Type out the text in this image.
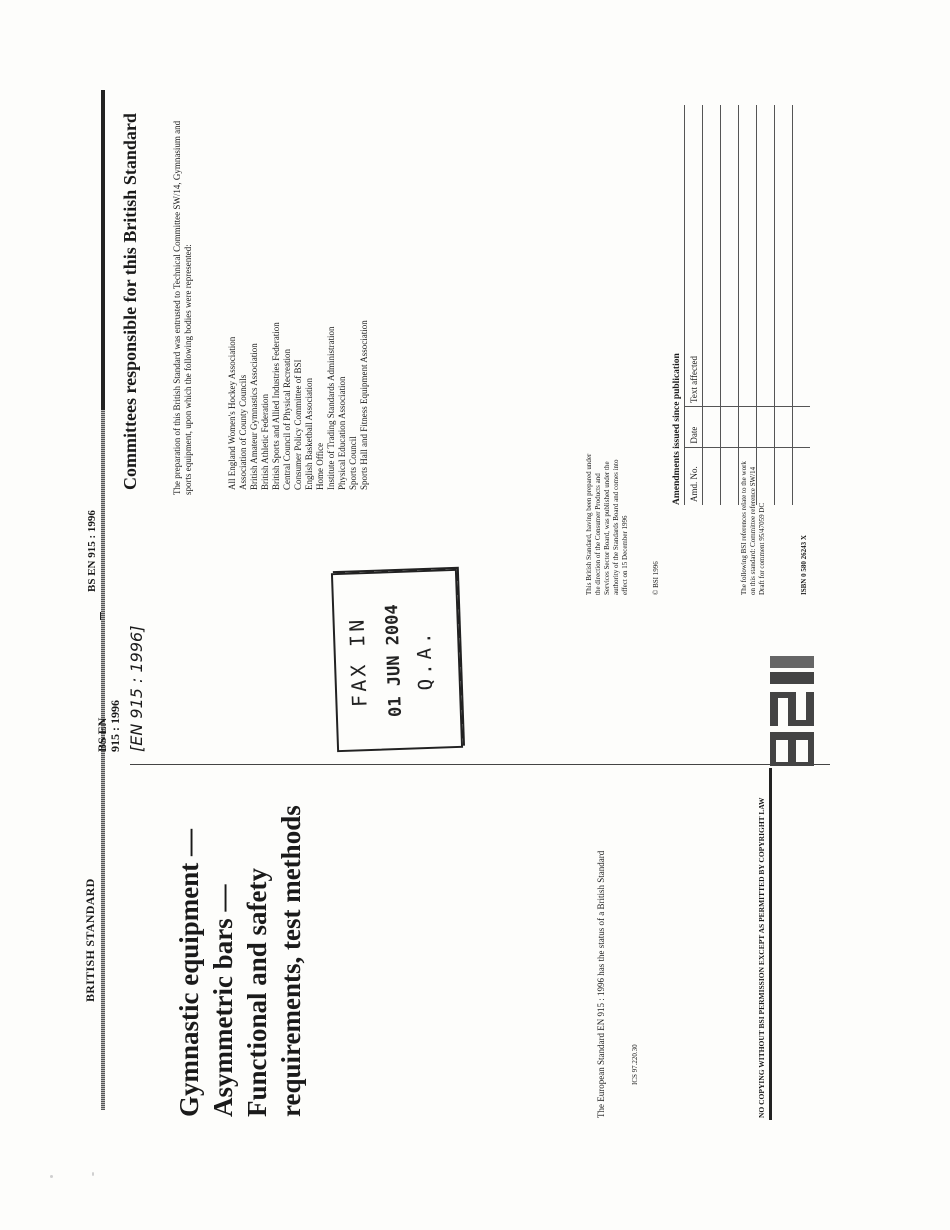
BRITISH STANDARD	Gymnastic equipment — Asymmetric bars — Functional and safety requirements, test methods	The European Standard EN 915 : 1996 has the status of a British Standard	ICS 97.220.30	NO COPYING WITHOUT BSI PERMISSION EXCEPT AS PERMITTED BY COPYRIGHT LAW
BS EN 915 : 1996 [EN 915 : 1996]	FAX IN 01 JUN 2004 Q.A.
BS EN 915 : 1996
Committees responsible for this British Standard	The preparation of this British Standard was entrusted to Technical Committee SW/14, Gymnasium and sports equipment, upon which the following bodies were represented:	All England Women's Hockey Association Association of County Councils British Amateur Gymnastics Association British Athletic Federation British Sports and Allied Industries Federation Central Council of Physical Recreation Consumer Policy Committee of BSI English Basketball Association Home Office Institute of Trading Standards Administration Physical Education Association Sports Council Sports Hall and Fitness Equipment Association
This British Standard, having been prepared under the direction of the Consumer Products and Services Sector Board, was published under the authority of the Standards Board and comes into effect on 15 December 1996	© BSI 1996	The following BSI references relate to the work on this standard: Committee reference SW/14 Draft for comment 95/47059 DC	ISBN 0 580 26243 X
Amendments issued since publication Amd. No.	Date	Text affected
